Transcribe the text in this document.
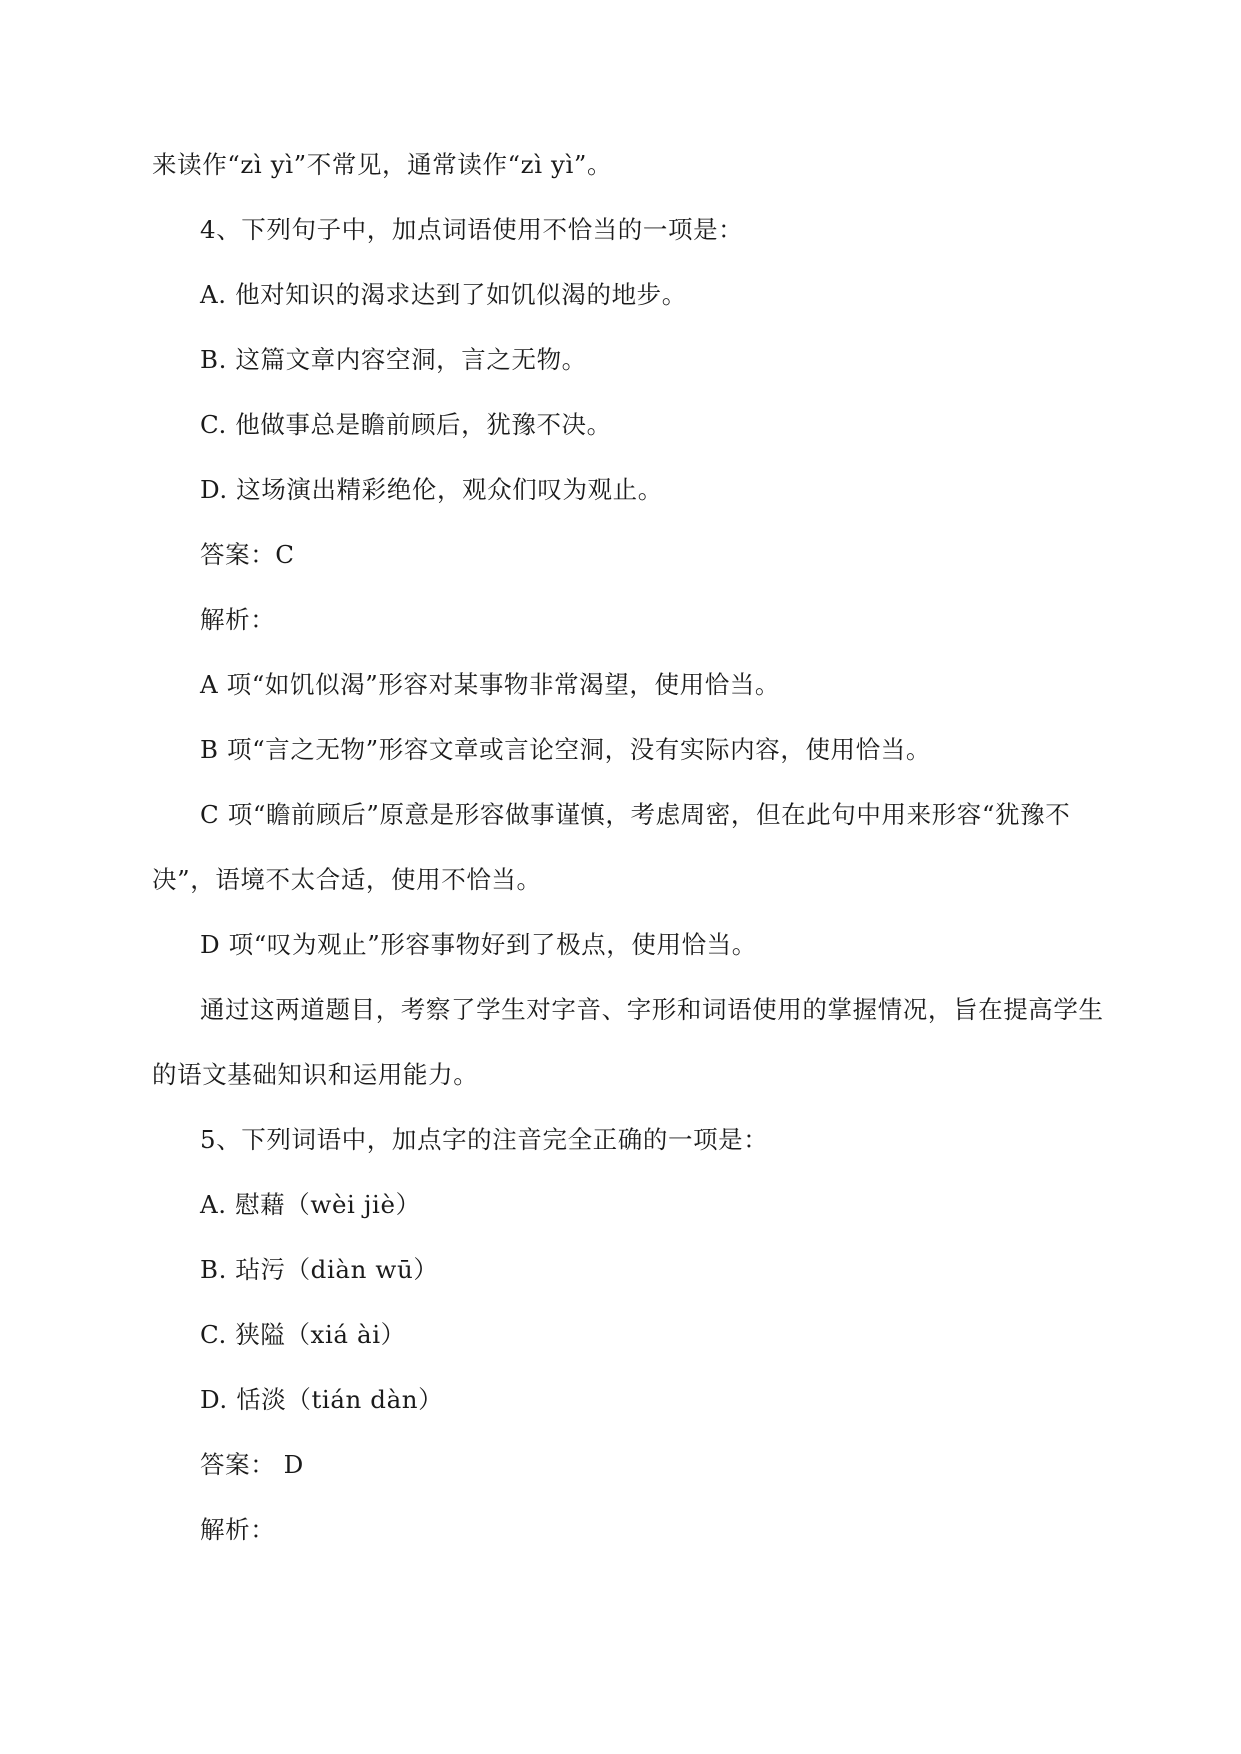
来读作“zì yì”不常见，通常读作“zì yì”。
4、下列句子中，加点词语使用不恰当的一项是：
A. 他对知识的渴求达到了如饥似渴的地步。
B. 这篇文章内容空洞，言之无物。
C. 他做事总是瞻前顾后，犹豫不决。
D. 这场演出精彩绝伦，观众们叹为观止。
答案：C
解析：
A 项“如饥似渴”形容对某事物非常渴望，使用恰当。
B 项“言之无物”形容文章或言论空洞，没有实际内容，使用恰当。
C 项“瞻前顾后”原意是形容做事谨慎，考虑周密，但在此句中用来形容“犹豫不
决”，语境不太合适，使用不恰当。
D 项“叹为观止”形容事物好到了极点，使用恰当。
通过这两道题目，考察了学生对字音、字形和词语使用的掌握情况，旨在提高学生
的语文基础知识和运用能力。
5、下列词语中，加点字的注音完全正确的一项是：
A. 慰藉（wèi jiè）
B. 玷污（diàn wū）
C. 狭隘（xiá ài）
D. 恬淡（tián dàn）
答案： D
解析：
